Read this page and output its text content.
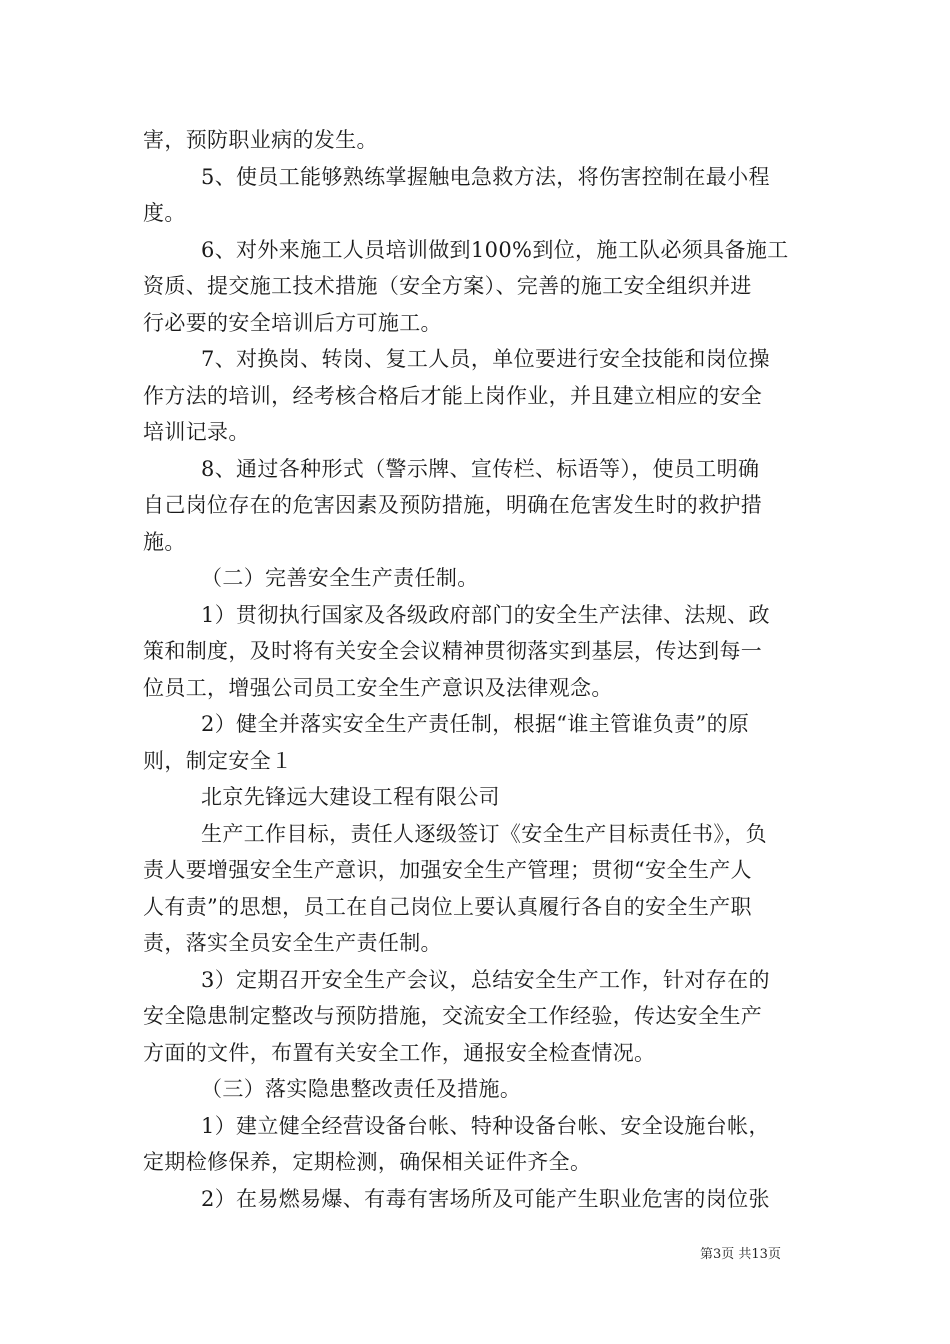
害，预防职业病的发生。
5、使员工能够熟练掌握触电急救方法，将伤害控制在最小程
度。
6、对外来施工人员培训做到100%到位，施工队必须具备施工
资质、提交施工技术措施（安全方案）、完善的施工安全组织并进
行必要的安全培训后方可施工。
7、对换岗、转岗、复工人员，单位要进行安全技能和岗位操
作方法的培训，经考核合格后才能上岗作业，并且建立相应的安全
培训记录。
8、通过各种形式（警示牌、宣传栏、标语等），使员工明确
自己岗位存在的危害因素及预防措施，明确在危害发生时的救护措
施。
（二）完善安全生产责任制。
1）贯彻执行国家及各级政府部门的安全生产法律、法规、政
策和制度，及时将有关安全会议精神贯彻落实到基层，传达到每一
位员工，增强公司员工安全生产意识及法律观念。
2）健全并落实安全生产责任制，根据“谁主管谁负责”的原
则，制定安全１
北京先锋远大建设工程有限公司
生产工作目标，责任人逐级签订《安全生产目标责任书》，负
责人要增强安全生产意识，加强安全生产管理；贯彻“安全生产人
人有责”的思想，员工在自己岗位上要认真履行各自的安全生产职
责，落实全员安全生产责任制。
3）定期召开安全生产会议，总结安全生产工作，针对存在的
安全隐患制定整改与预防措施，交流安全工作经验，传达安全生产
方面的文件，布置有关安全工作，通报安全检查情况。
（三）落实隐患整改责任及措施。
1）建立健全经营设备台帐、特种设备台帐、安全设施台帐，
定期检修保养，定期检测，确保相关证件齐全。
2）在易燃易爆、有毒有害场所及可能产生职业危害的岗位张
第3页 共13页
